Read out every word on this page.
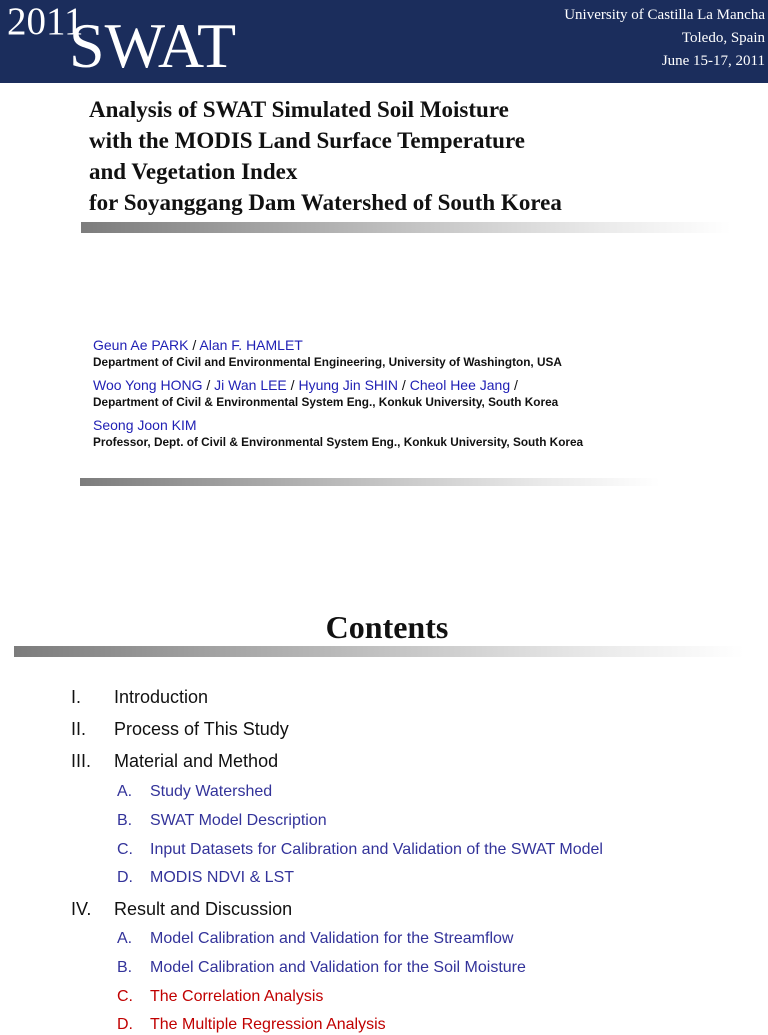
2011
SWAT	University of Castilla La Mancha
Toledo, Spain
June 15-17, 2011
Analysis of SWAT Simulated Soil Moisture
with the MODIS Land Surface Temperature
and Vegetation Index
for Soyanggang Dam Watershed of South Korea
Geun Ae PARK / Alan F. HAMLET
Department of Civil and Environmental Engineering, University of Washington, USA
Woo Yong HONG / Ji Wan LEE / Hyung Jin SHIN / Cheol Hee Jang /
Department of Civil & Environmental System Eng., Konkuk University, South Korea
Seong Joon KIM
Professor, Dept. of Civil & Environmental System Eng., Konkuk University, South Korea
Contents
I. Introduction
II. Process of This Study
III. Material and Method
A. Study Watershed
B. SWAT Model Description
C. Input Datasets for Calibration and Validation of the SWAT Model
D. MODIS NDVI & LST
IV. Result and Discussion
A. Model Calibration and Validation for the Streamflow
B. Model Calibration and Validation for the Soil Moisture
C. The Correlation Analysis
D. The Multiple Regression Analysis
